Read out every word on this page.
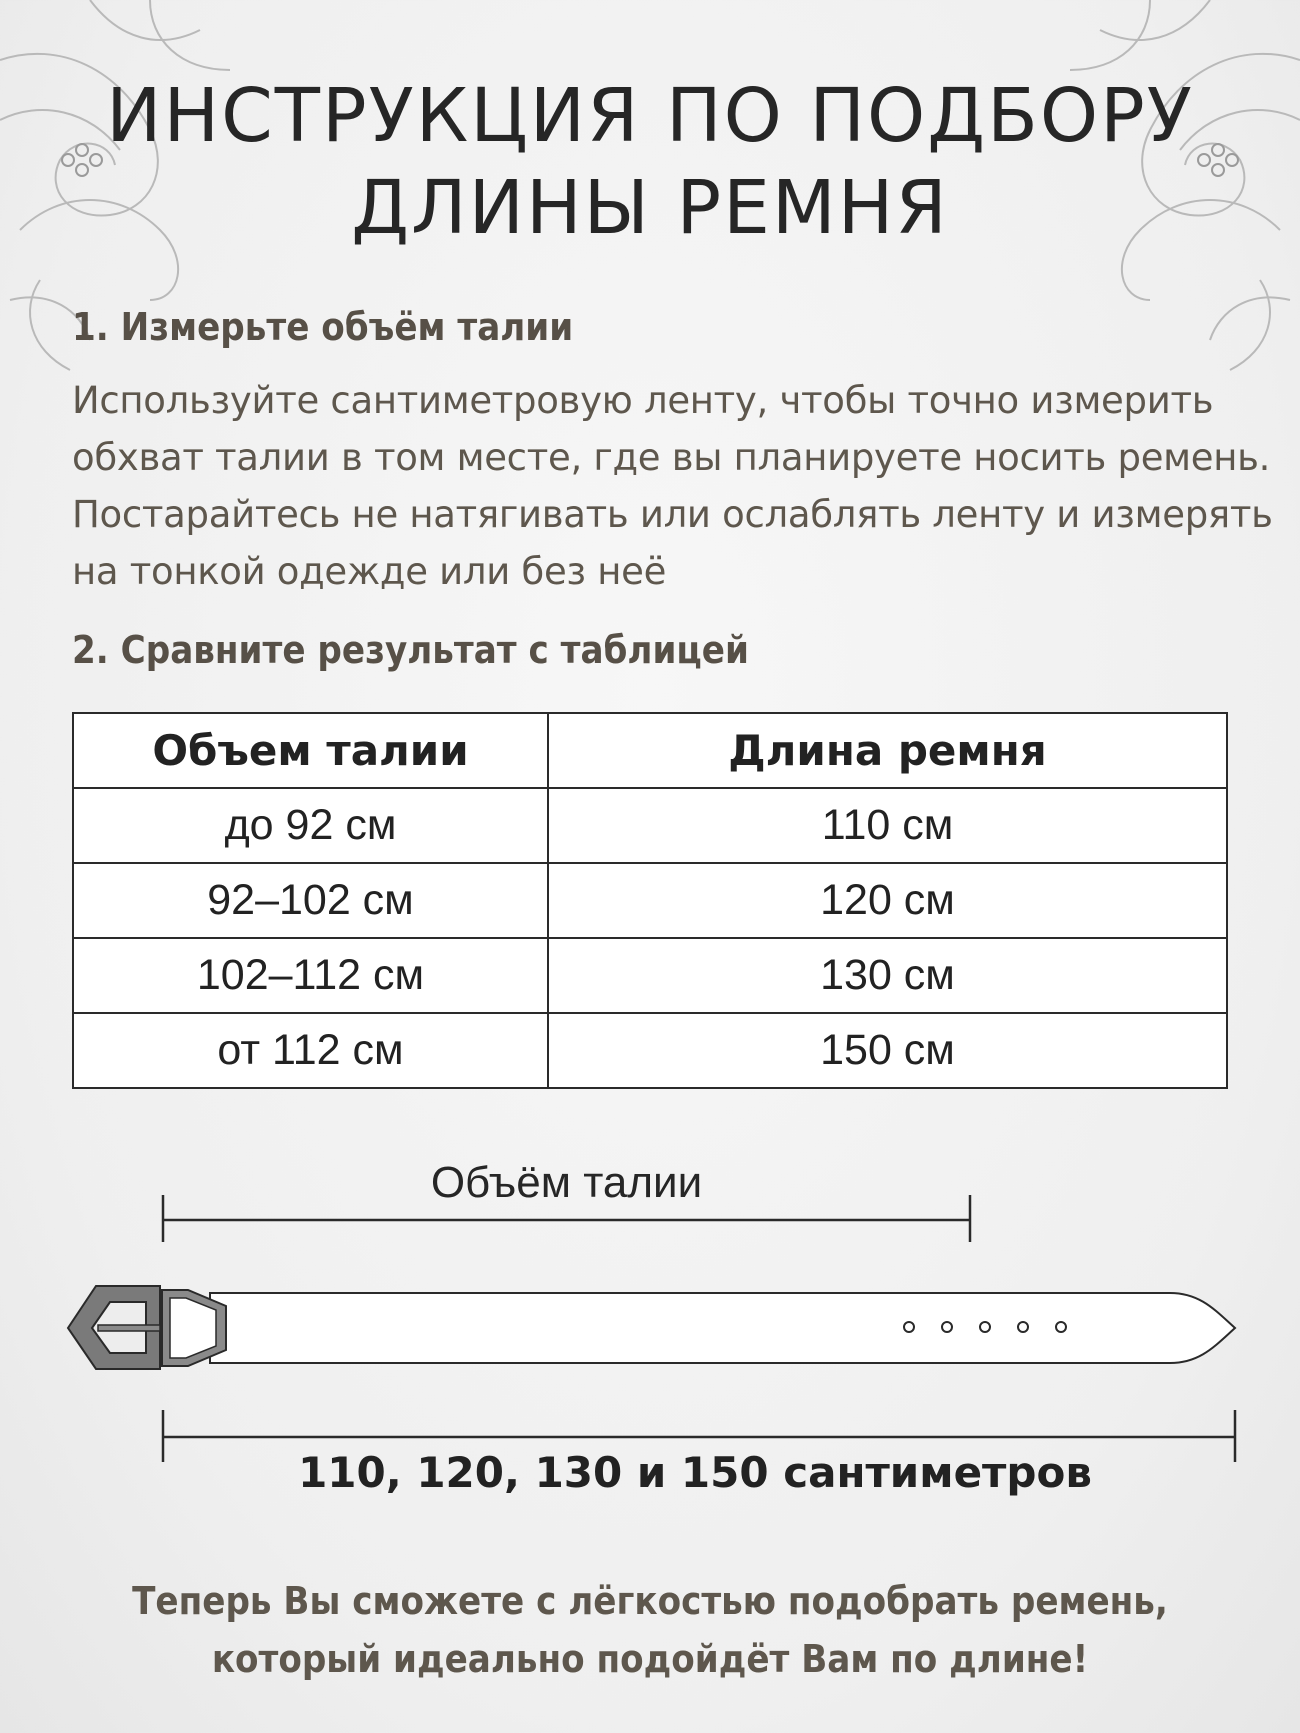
ИНСТРУКЦИЯ ПО ПОДБОРУ
ДЛИНЫ РЕМНЯ
1. Измерьте объём талии
Используйте сантиметровую ленту, чтобы точно измерить
обхват талии в том месте, где вы планируете носить ремень.
Постарайтесь не натягивать или ослаблять ленту и измерять
на тонкой одежде или без неё
2. Сравните результат с таблицей
Объем талии	Длина ремня
до 92 см	110 см
92–102 см	120 см
102–112 см	130 см
от 112 см	150 см
Объём талии
110, 120, 130 и 150 сантиметров
Теперь Вы сможете с лёгкостью подобрать ремень,
который идеально подойдёт Вам по длине!
